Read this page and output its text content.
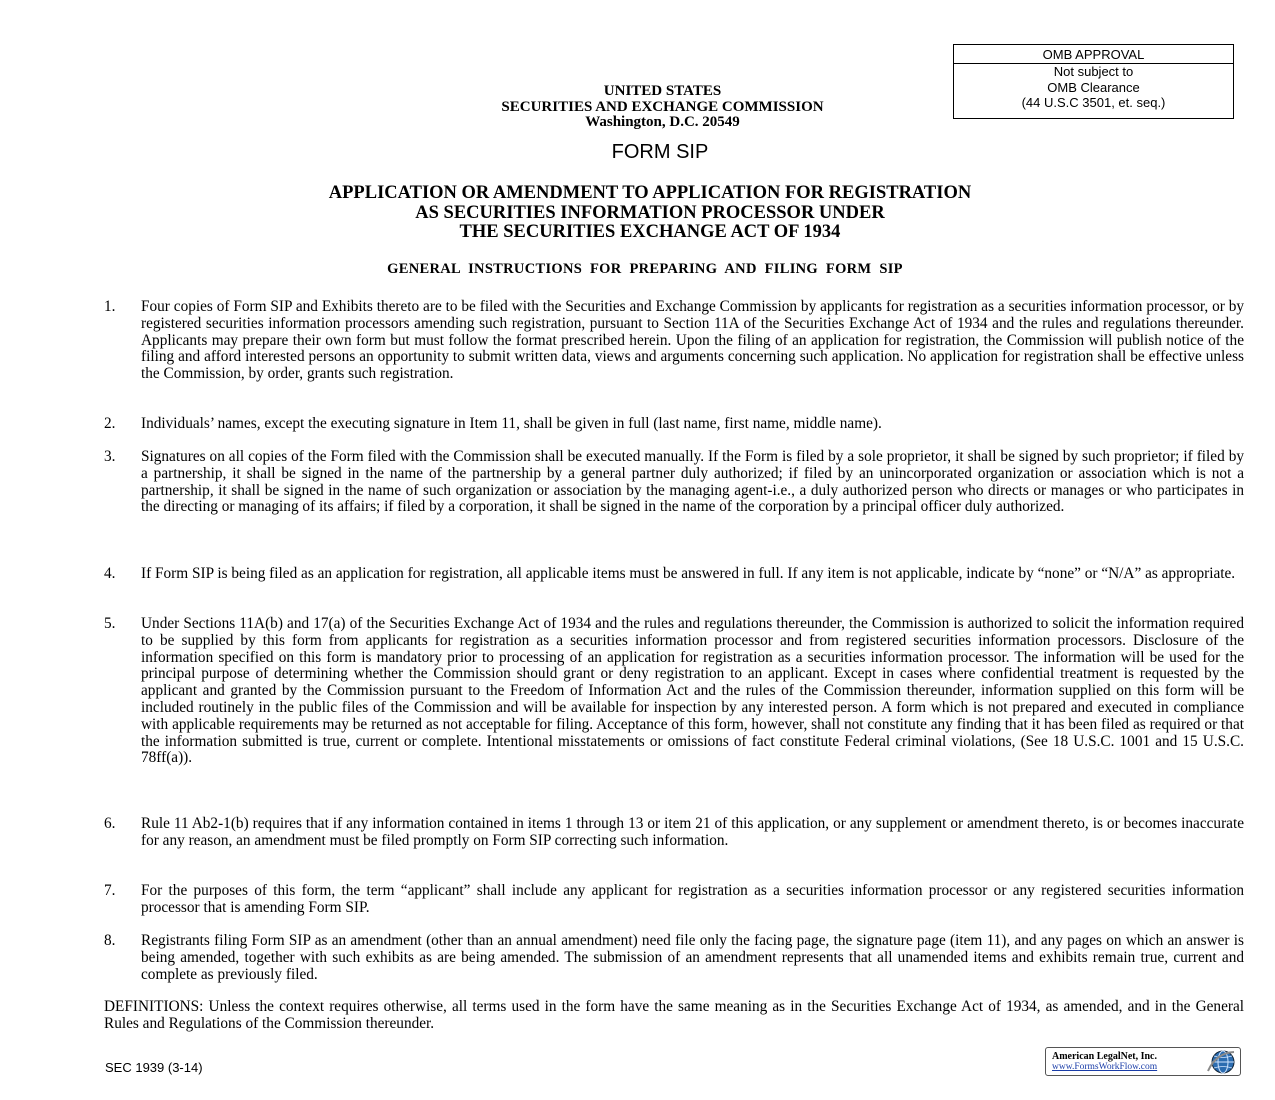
OMB APPROVAL
Not subject to
OMB Clearance
(44 U.S.C 3501, et. seq.)
UNITED STATES
SECURITIES AND EXCHANGE COMMISSION
Washington, D.C. 20549
FORM SIP
APPLICATION OR AMENDMENT TO APPLICATION FOR REGISTRATION
AS SECURITIES INFORMATION PROCESSOR UNDER
THE SECURITIES EXCHANGE ACT OF 1934
GENERAL INSTRUCTIONS FOR PREPARING AND FILING FORM SIP
1.	Four copies of Form SIP and Exhibits thereto are to be filed with the Securities and Exchange Commission by applicants for registration as a securities information processor, or by registered securities information processors amending such registration, pursuant to Section 11A of the Securities Exchange Act of 1934 and the rules and regulations thereunder. Applicants may prepare their own form but must follow the format prescribed herein. Upon the filing of an application for registration, the Commission will publish notice of the filing and afford interested persons an opportunity to submit written data, views and arguments concerning such application. No application for registration shall be effective unless the Commission, by order, grants such registration.
2.	Individuals’ names, except the executing signature in Item 11, shall be given in full (last name, first name, middle name).
3.	Signatures on all copies of the Form filed with the Commission shall be executed manually. If the Form is filed by a sole proprietor, it shall be signed by such proprietor; if filed by a partnership, it shall be signed in the name of the partnership by a general partner duly authorized; if filed by an unincorporated organization or association which is not a partnership, it shall be signed in the name of such organization or association by the managing agent-i.e., a duly authorized person who directs or manages or who participates in the directing or managing of its affairs; if filed by a corporation, it shall be signed in the name of the corporation by a principal officer duly authorized.
4.	If Form SIP is being filed as an application for registration, all applicable items must be answered in full. If any item is not applicable, indicate by “none” or “N/A” as appropriate.
5.	Under Sections 11A(b) and 17(a) of the Securities Exchange Act of 1934 and the rules and regulations thereunder, the Commission is authorized to solicit the information required to be supplied by this form from applicants for registration as a securities information processor and from registered securities information processors. Disclosure of the information specified on this form is mandatory prior to processing of an application for registration as a securities information processor. The information will be used for the principal purpose of determining whether the Commission should grant or deny registration to an applicant. Except in cases where confidential treatment is requested by the applicant and granted by the Commission pursuant to the Freedom of Information Act and the rules of the Commission thereunder, information supplied on this form will be included routinely in the public files of the Commission and will be available for inspection by any interested person. A form which is not prepared and executed in compliance with applicable requirements may be returned as not acceptable for filing. Acceptance of this form, however, shall not constitute any finding that it has been filed as required or that the information submitted is true, current or complete. Intentional misstatements or omissions of fact constitute Federal criminal violations, (See 18 U.S.C. 1001 and 15 U.S.C. 78ff(a)).
6.	Rule 11 Ab2-1(b) requires that if any information contained in items 1 through 13 or item 21 of this application, or any supplement or amendment thereto, is or becomes inaccurate for any reason, an amendment must be filed promptly on Form SIP correcting such information.
7.	For the purposes of this form, the term “applicant” shall include any applicant for registration as a securities information processor or any registered securities information processor that is amending Form SIP.
8.	Registrants filing Form SIP as an amendment (other than an annual amendment) need file only the facing page, the signature page (item 11), and any pages on which an answer is being amended, together with such exhibits as are being amended. The submission of an amendment represents that all unamended items and exhibits remain true, current and complete as previously filed.
DEFINITIONS: Unless the context requires otherwise, all terms used in the form have the same meaning as in the Securities Exchange Act of 1934, as amended, and in the General Rules and Regulations of the Commission thereunder.
SEC 1939 (3-14)
American LegalNet, Inc.
www.FormsWorkFlow.com
